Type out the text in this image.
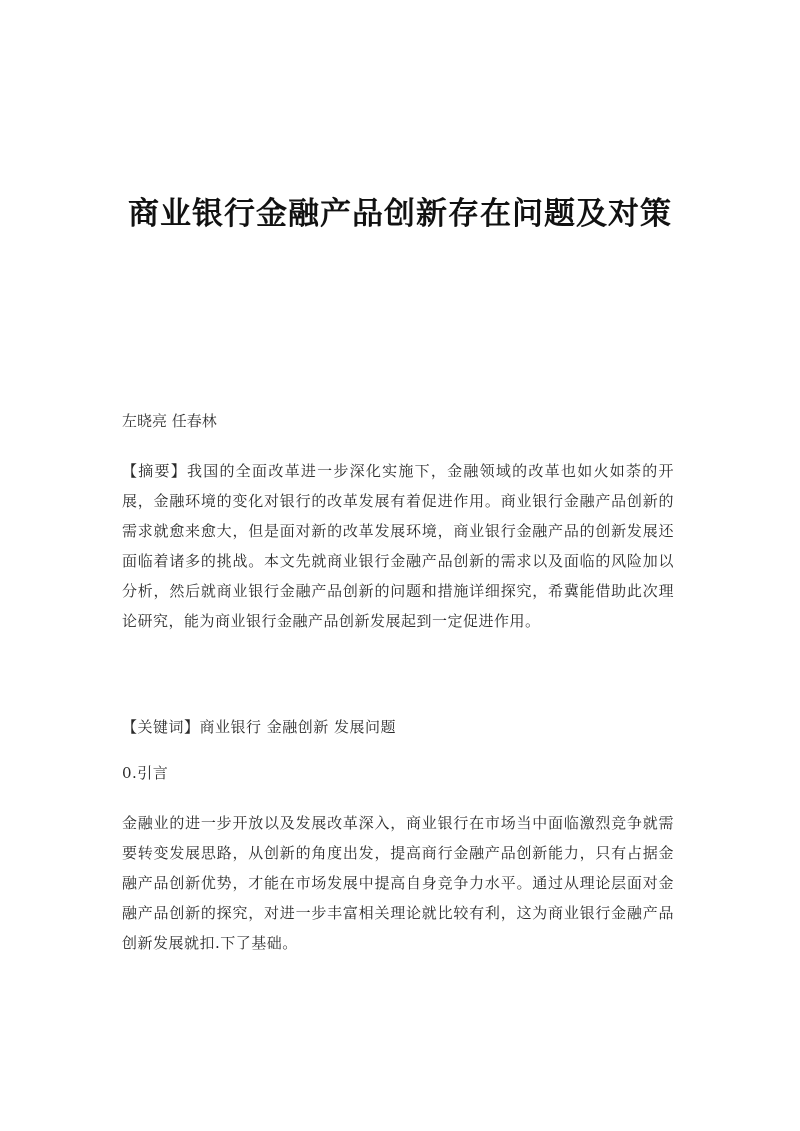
商业银行金融产品创新存在问题及对策
左晓亮 任春林
【摘要】我国的全面改革进一步深化实施下，金融领域的改革也如火如荼的开展，金融环境的变化对银行的改革发展有着促进作用。商业银行金融产品创新的需求就愈来愈大，但是面对新的改革发展环境，商业银行金融产品的创新发展还面临着诸多的挑战。本文先就商业银行金融产品创新的需求以及面临的风险加以分析，然后就商业银行金融产品创新的问题和措施详细探究，希冀能借助此次理论研究，能为商业银行金融产品创新发展起到一定促进作用。
【关键词】商业银行 金融创新 发展问题
0.引言
金融业的进一步开放以及发展改革深入，商业银行在市场当中面临激烈竞争就需要转变发展思路，从创新的角度出发，提高商行金融产品创新能力，只有占据金融产品创新优势，才能在市场发展中提高自身竞争力水平。通过从理论层面对金融产品创新的探究，对进一步丰富相关理论就比较有利，这为商业银行金融产品创新发展就扣.下了基础。
